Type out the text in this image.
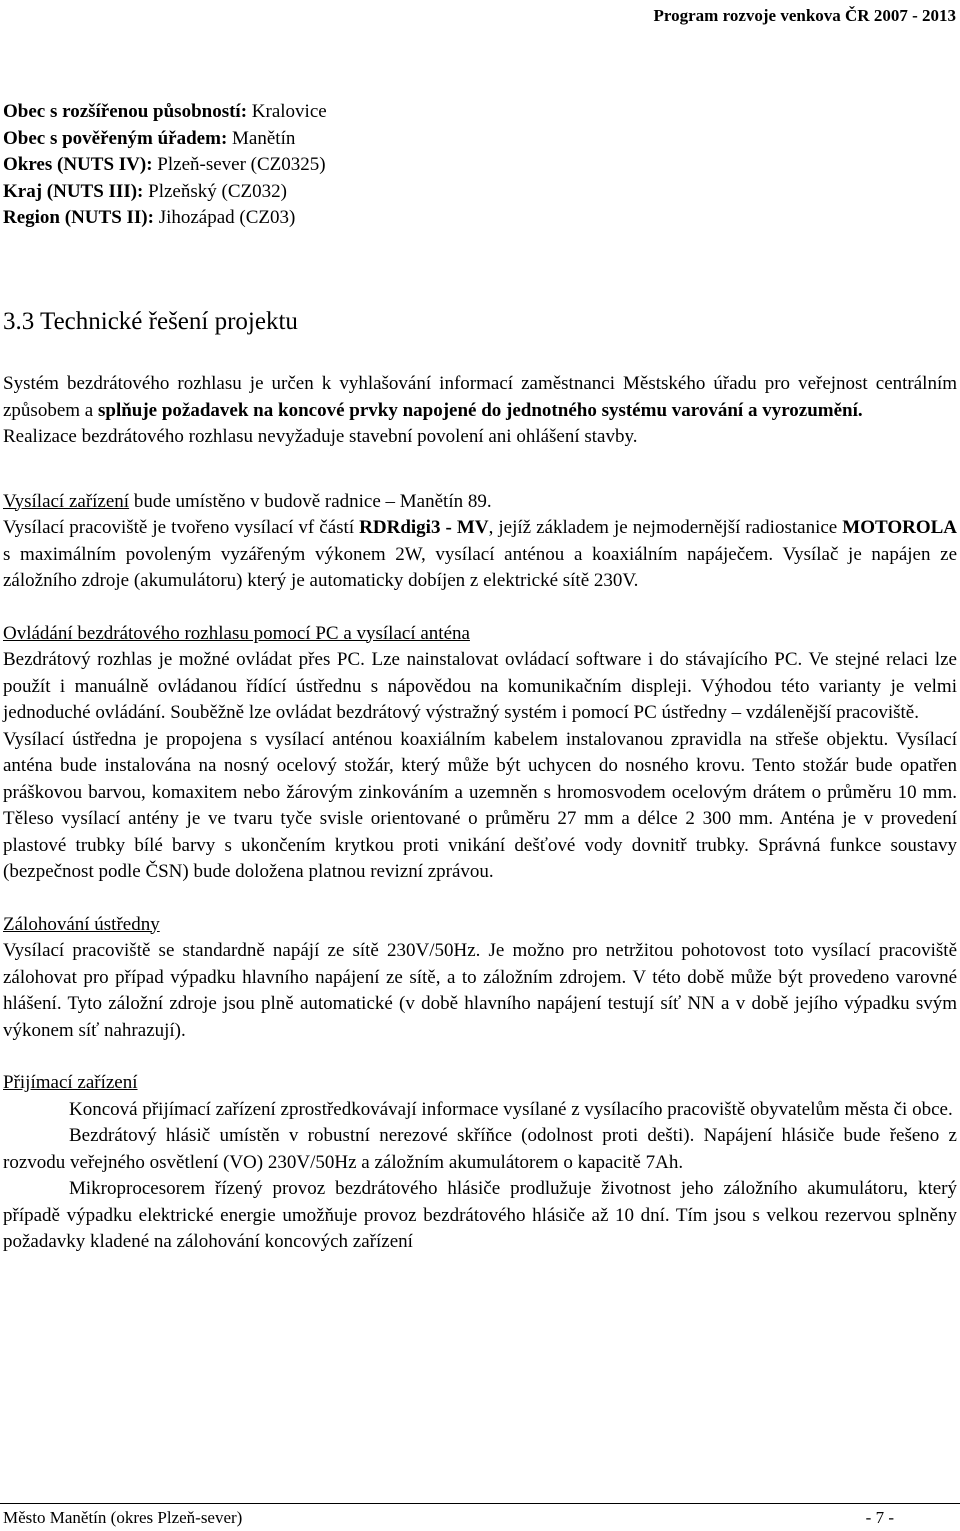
Program rozvoje venkova ČR 2007 - 2013
Obec s rozšířenou působností: Kralovice
Obec s pověřeným úřadem: Manětín
Okres (NUTS IV): Plzeň-sever (CZ0325)
Kraj (NUTS III): Plzeňský (CZ032)
Region (NUTS II): Jihozápad (CZ03)
3.3 Technické řešení projektu

Systém bezdrátového rozhlasu je určen k vyhlašování informací zaměstnanci Městského úřadu pro veřejnost centrálním způsobem a splňuje požadavek na koncové prvky napojené do jednotného systému varování a vyrozumění.

Realizace bezdrátového rozhlasu nevyžaduje stavební povolení ani ohlášení stavby.

Vysílací zařízení bude umístěno v budově radnice – Manětín 89.

Vysílací pracoviště je tvořeno vysílací vf částí RDRdigi3 - MV, jejíž základem je nejmodernější radiostanice MOTOROLA s maximálním povoleným vyzářeným výkonem 2W, vysílací anténou a koaxiálním napáječem. Vysílač je napájen ze záložního zdroje (akumulátoru) který je automaticky dobíjen z elektrické sítě 230V.

Ovládání bezdrátového rozhlasu pomocí PC a vysílací anténa

Bezdrátový rozhlas je možné ovládat přes PC. Lze nainstalovat ovládací software i do stávajícího PC. Ve stejné relaci lze použít i manuálně ovládanou řídící ústřednu s nápovědou na komunikačním displeji. Výhodou této varianty je velmi jednoduché ovládání. Souběžně lze ovládat bezdrátový výstražný systém i pomocí PC ústředny – vzdálenější pracoviště.

Vysílací ústředna je propojena s vysílací anténou koaxiálním kabelem instalovanou zpravidla na střeše objektu. Vysílací anténa bude instalována na nosný ocelový stožár, který může být uchycen do nosného krovu. Tento stožár bude opatřen práškovou barvou, komaxitem nebo žárovým zinkováním a uzemněn s hromosvodem ocelovým drátem o průměru 10 mm. Těleso vysílací antény je ve tvaru tyče svisle orientované o průměru 27 mm a délce 2 300 mm. Anténa je v provedení plastové trubky bílé barvy s ukončením krytkou proti vnikání dešťové vody dovnitř trubky. Správná funkce soustavy (bezpečnost podle ČSN) bude doložena platnou revizní zprávou.

Zálohování ústředny

Vysílací pracoviště se standardně napájí ze sítě 230V/50Hz. Je možno pro netržitou pohotovost toto vysílací pracoviště zálohovat pro případ výpadku hlavního napájení ze sítě, a to záložním zdrojem. V této době může být provedeno varovné hlášení. Tyto záložní zdroje jsou plně automatické (v době hlavního napájení testují síť NN a v době jejího výpadku svým výkonem síť nahrazují).

Přijímací zařízení

Koncová přijímací zařízení zprostředkovávají informace vysílané z vysílacího pracoviště obyvatelům města či obce.

Bezdrátový hlásič umístěn v robustní nerezové skříňce (odolnost proti dešti). Napájení hlásiče bude řešeno z rozvodu veřejného osvětlení (VO) 230V/50Hz a záložním akumulátorem o kapacitě 7Ah.

Mikroprocesorem řízený provoz bezdrátového hlásiče prodlužuje životnost jeho záložního akumulátoru, který případě výpadku elektrické energie umožňuje provoz bezdrátového hlásiče až 10 dní. Tím jsou s velkou rezervou splněny požadavky kladené na zálohování koncových zařízení

Město Manětín (okres Plzeň-sever)	- 7 -
